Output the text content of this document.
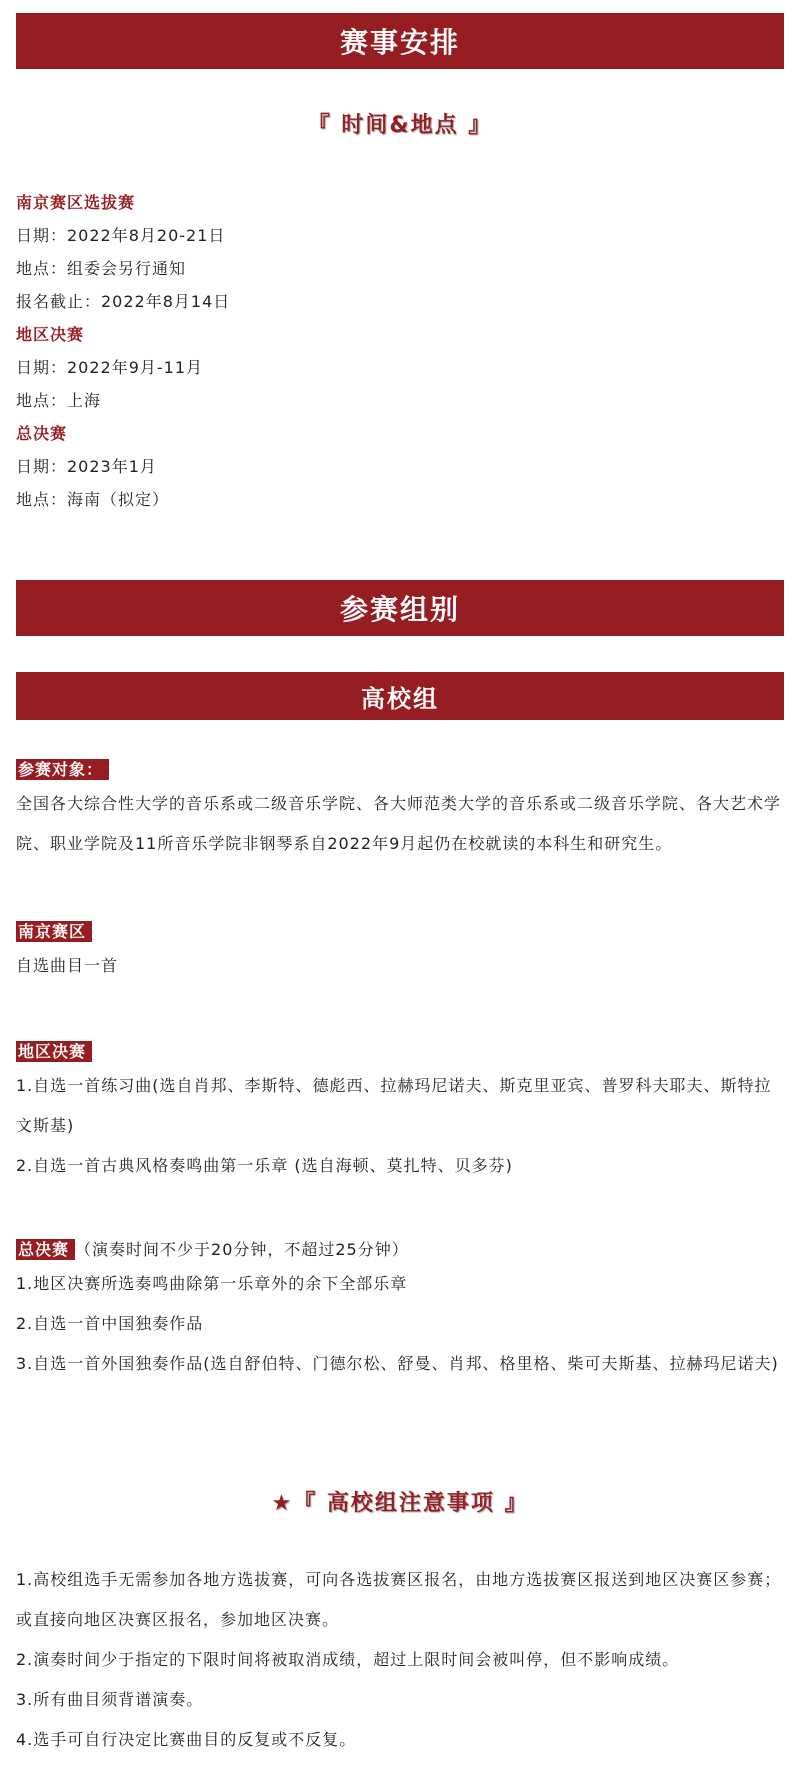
赛事安排
『 时间&地点 』
南京赛区选拔赛
日期：2022年8月20-21日
地点：组委会另行通知
报名截止：2022年8月14日
地区决赛
日期：2022年9月-11月
地点：上海
总决赛
日期：2023年1月
地点：海南（拟定）
参赛组别
高校组
参赛对象：
全国各大综合性大学的音乐系或二级音乐学院、各大师范类大学的音乐系或二级音乐学院、各大艺术学院、职业学院及11所音乐学院非钢琴系自2022年9月起仍在校就读的本科生和研究生。
南京赛区
自选曲目一首
地区决赛
1.自选一首练习曲(选自肖邦、李斯特、德彪西、拉赫玛尼诺夫、斯克里亚宾、普罗科夫耶夫、斯特拉文斯基)
2.自选一首古典风格奏鸣曲第一乐章 (选自海顿、莫扎特、贝多芬)
总决赛 （演奏时间不少于20分钟，不超过25分钟）
1.地区决赛所选奏鸣曲除第一乐章外的余下全部乐章
2.自选一首中国独奏作品
3.自选一首外国独奏作品(选自舒伯特、门德尔松、舒曼、肖邦、格里格、柴可夫斯基、拉赫玛尼诺夫)
★『 高校组注意事项 』
1.高校组选手无需参加各地方选拔赛，可向各选拔赛区报名，由地方选拔赛区报送到地区决赛区参赛；或直接向地区决赛区报名，参加地区决赛。
2.演奏时间少于指定的下限时间将被取消成绩，超过上限时间会被叫停，但不影响成绩。
3.所有曲目须背谱演奏。
4.选手可自行决定比赛曲目的反复或不反复。
